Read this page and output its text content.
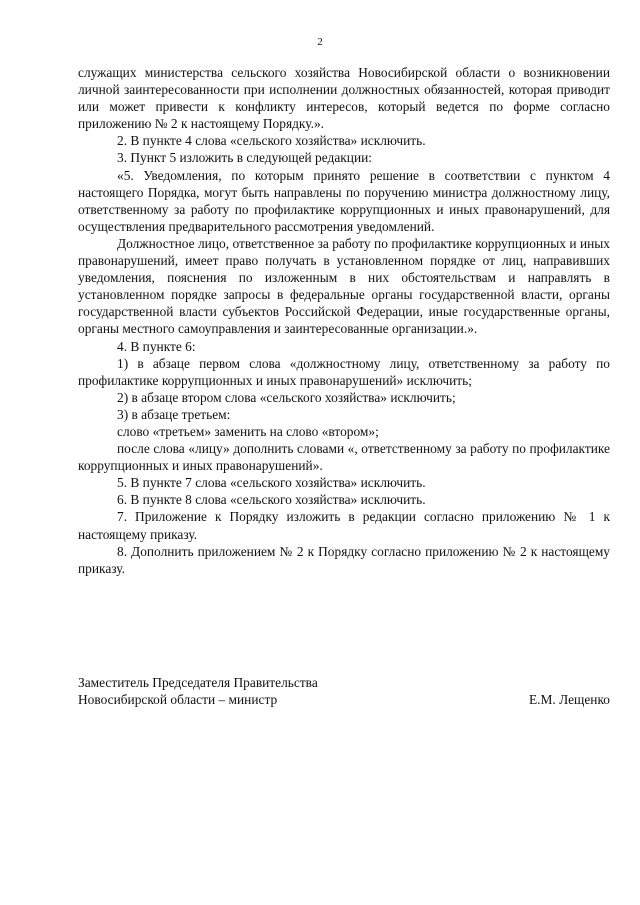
2

служащих министерства сельского хозяйства Новосибирской области о возникновении личной заинтересованности при исполнении должностных обязанностей, которая приводит или может привести к конфликту интересов, который ведется по форме согласно приложению № 2 к настоящему Порядку.».

2. В пункте 4 слова «сельского хозяйства» исключить.

3. Пункт 5 изложить в следующей редакции:

«5. Уведомления, по которым принято решение в соответствии с пунктом 4 настоящего Порядка, могут быть направлены по поручению министра должностному лицу, ответственному за работу по профилактике коррупционных и иных правонарушений, для осуществления предварительного рассмотрения уведомлений.

Должностное лицо, ответственное за работу по профилактике коррупционных и иных правонарушений, имеет право получать в установленном порядке от лиц, направивших уведомления, пояснения по изложенным в них обстоятельствам и направлять в установленном порядке запросы в федеральные органы государственной власти, органы государственной власти субъектов Российской Федерации, иные государственные органы, органы местного самоуправления и заинтересованные организации.».

4. В пункте 6:

1) в абзаце первом слова «должностному лицу, ответственному за работу по профилактике коррупционных и иных правонарушений» исключить;

2) в абзаце втором слова «сельского хозяйства» исключить;

3) в абзаце третьем:

слово «третьем» заменить на слово «втором»;

после слова «лицу» дополнить словами «, ответственному за работу по профилактике коррупционных и иных правонарушений».

5. В пункте 7 слова «сельского хозяйства» исключить.

6. В пункте 8 слова «сельского хозяйства» исключить.

7. Приложение к Порядку изложить в редакции согласно приложению № 1 к настоящему приказу.

8. Дополнить приложением № 2 к Порядку согласно приложению № 2 к настоящему приказу.

Заместитель Председателя Правительства
Новосибирской области – министр	Е.М. Лещенко
